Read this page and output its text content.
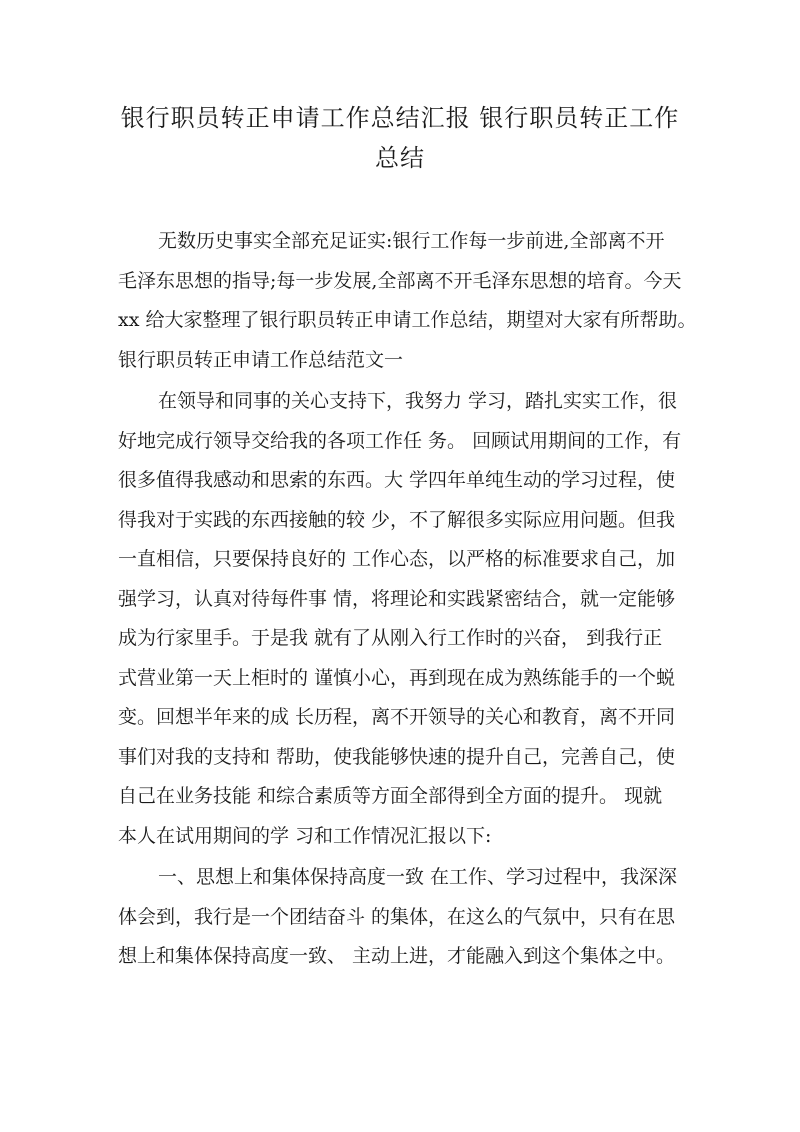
银行职员转正申请工作总结汇报 银行职员转正工作
总结
无数历史事实全部充足证实:银行工作每一步前进,全部离不开
毛泽东思想的指导;每一步发展,全部离不开毛泽东思想的培育。今天
xx 给大家整理了银行职员转正申请工作总结，期望对大家有所帮助。
银行职员转正申请工作总结范文一
在领导和同事的关心支持下，我努力 学习，踏扎实实工作，很
好地完成行领导交给我的各项工作任 务。 回顾试用期间的工作，有
很多值得我感动和思索的东西。大 学四年单纯生动的学习过程，使
得我对于实践的东西接触的较 少，不了解很多实际应用问题。但我
一直相信，只要保持良好的 工作心态，以严格的标准要求自己，加
强学习，认真对待每件事 情，将理论和实践紧密结合，就一定能够
成为行家里手。于是我 就有了从刚入行工作时的兴奋， 到我行正
式营业第一天上柜时的 谨慎小心，再到现在成为熟练能手的一个蜕
变。回想半年来的成 长历程，离不开领导的关心和教育，离不开同
事们对我的支持和 帮助，使我能够快速的提升自己，完善自己，使
自己在业务技能 和综合素质等方面全部得到全方面的提升。 现就
本人在试用期间的学 习和工作情况汇报以下:
一、思想上和集体保持高度一致 在工作、学习过程中，我深深
体会到，我行是一个团结奋斗 的集体，在这么的气氛中，只有在思
想上和集体保持高度一致、 主动上进，才能融入到这个集体之中。
